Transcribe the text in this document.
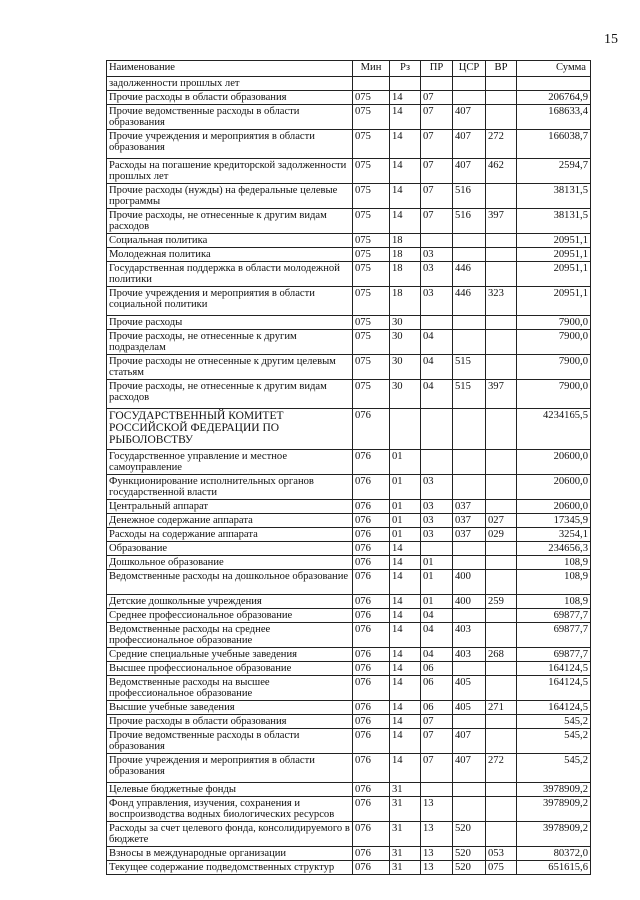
15
Наименование	Мин	Рз	ПР	ЦСР	ВР	Сумма
задолженности прошлых лет						
Прочие расходы в области образования	075	14	07			206764,9
Прочие ведомственные расходы в области образования	075	14	07	407		168633,4
Прочие учреждения и мероприятия в области образования	075	14	07	407	272	166038,7
Расходы на погашение кредиторской задолженности прошлых лет	075	14	07	407	462	2594,7
Прочие расходы (нужды) на федеральные целевые программы	075	14	07	516		38131,5
Прочие расходы, не отнесенные к другим видам расходов	075	14	07	516	397	38131,5
Социальная политика	075	18				20951,1
Молодежная политика	075	18	03			20951,1
Государственная поддержка в области молодежной политики	075	18	03	446		20951,1
Прочие учреждения и мероприятия в области социальной политики	075	18	03	446	323	20951,1
Прочие расходы	075	30				7900,0
Прочие расходы, не отнесенные к другим подразделам	075	30	04			7900,0
Прочие расходы не отнесенные к другим целевым статьям	075	30	04	515		7900,0
Прочие расходы, не отнесенные к другим видам расходов	075	30	04	515	397	7900,0
ГОСУДАРСТВЕННЫЙ КОМИТЕТ РОССИЙСКОЙ ФЕДЕРАЦИИ ПО РЫБОЛОВСТВУ	076					4234165,5
Государственное управление и местное самоуправление	076	01				20600,0
Функционирование исполнительных органов государственной власти	076	01	03			20600,0
Центральный аппарат	076	01	03	037		20600,0
Денежное содержание аппарата	076	01	03	037	027	17345,9
Расходы на содержание аппарата	076	01	03	037	029	3254,1
Образование	076	14				234656,3
Дошкольное образование	076	14	01			108,9
Ведомственные расходы на дошкольное образование	076	14	01	400		108,9
Детские дошкольные учреждения	076	14	01	400	259	108,9
Среднее профессиональное образование	076	14	04			69877,7
Ведомственные расходы на среднее профессиональное образование	076	14	04	403		69877,7
Средние специальные учебные заведения	076	14	04	403	268	69877,7
Высшее профессиональное образование	076	14	06			164124,5
Ведомственные расходы на высшее профессиональное образование	076	14	06	405		164124,5
Высшие учебные заведения	076	14	06	405	271	164124,5
Прочие расходы в области образования	076	14	07			545,2
Прочие ведомственные расходы в области образования	076	14	07	407		545,2
Прочие учреждения и мероприятия в области образования	076	14	07	407	272	545,2
Целевые бюджетные фонды	076	31				3978909,2
Фонд управления, изучения, сохранения и воспроизводства водных биологических ресурсов	076	31	13			3978909,2
Расходы за счет целевого фонда, консолидируемого в бюджете	076	31	13	520		3978909,2
Взносы в международные организации	076	31	13	520	053	80372,0
Текущее содержание подведомственных структур	076	31	13	520	075	651615,6
